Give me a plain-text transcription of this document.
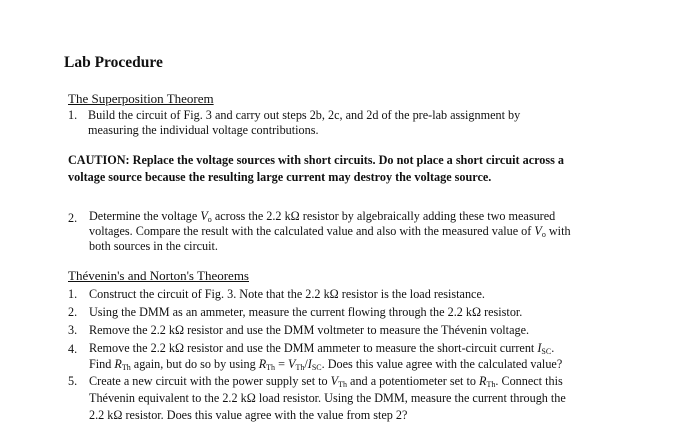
Lab Procedure
The Superposition Theorem
1. Build the circuit of Fig. 3 and carry out steps 2b, 2c, and 2d of the pre-lab assignment by
measuring the individual voltage contributions.
CAUTION: Replace the voltage sources with short circuits. Do not place a short circuit across a
voltage source because the resulting large current may destroy the voltage source.
2. Determine the voltage $V_o$ across the 2.2 kΩ resistor by algebraically adding these two measured
voltages. Compare the result with the calculated value and also with the measured value of $V_o$ with
both sources in the circuit.
Thévenin's and Norton's Theorems
1. Construct the circuit of Fig. 3. Note that the 2.2 kΩ resistor is the load resistance.
2. Using the DMM as an ammeter, measure the current flowing through the 2.2 kΩ resistor.
3. Remove the 2.2 kΩ resistor and use the DMM voltmeter to measure the Thévenin voltage.
4. Remove the 2.2 kΩ resistor and use the DMM ammeter to measure the short-circuit current $I_{SC}$.
Find $R_{Th}$ again, but do so by using $R_{Th} = V_{Th}/I_{SC}$. Does this value agree with the calculated value?
5. Create a new circuit with the power supply set to $V_{Th}$ and a potentiometer set to $R_{Th}$. Connect this
Thévenin equivalent to the 2.2 kΩ load resistor. Using the DMM, measure the current through the
2.2 kΩ resistor. Does this value agree with the value from step 2?
